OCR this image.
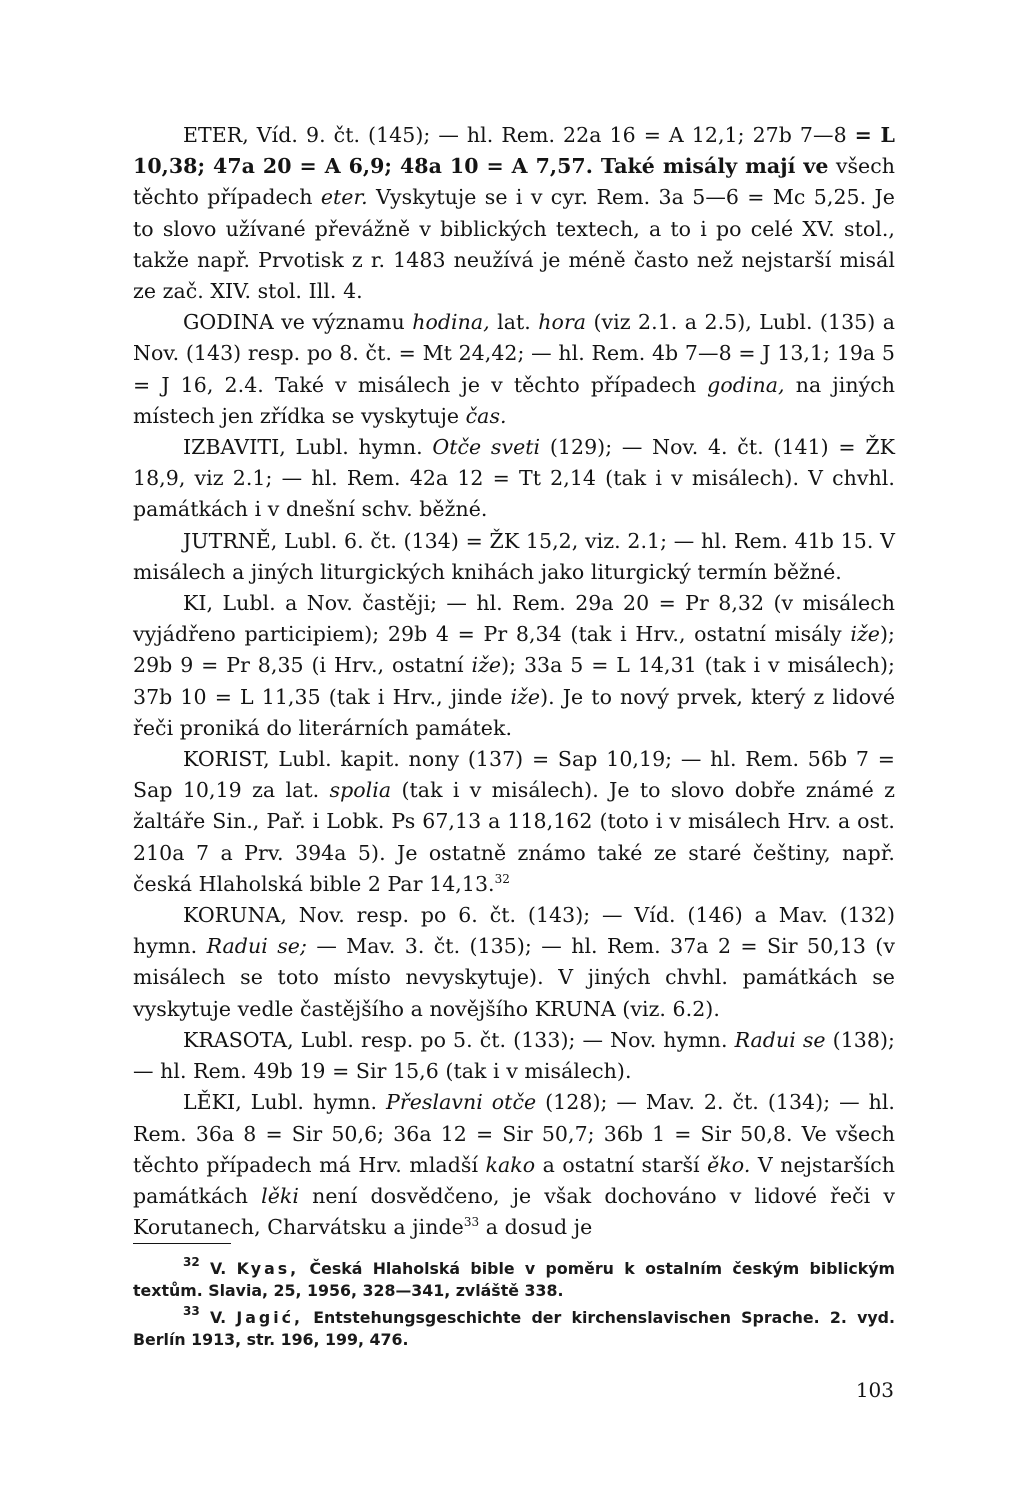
ETER, Víd. 9. čt. (145); — hl. Rem. 22a 16 = A 12,1; 27b 7—8 = L 10,38; 47a 20 = A 6,9; 48a 10 = A 7,57. Také misály mají ve všech těchto případech eter. Vyskytuje se i v cyr. Rem. 3a 5—6 = Mc 5,25. Je to slovo užívané převážně v biblických textech, a to i po celé XV. stol., takže např. Prvotisk z r. 1483 neužívá je méně často než nejstarší misál ze zač. XIV. stol. Ill. 4.

GODINA ve významu hodina, lat. hora (viz 2.1. a 2.5), Lubl. (135) a Nov. (143) resp. po 8. čt. = Mt 24,42; — hl. Rem. 4b 7—8 = J 13,1; 19a 5 = J 16, 2.4. Také v misálech je v těchto případech godina, na jiných místech jen zřídka se vyskytuje čas.

IZBAVITI, Lubl. hymn. Otče sveti (129); — Nov. 4. čt. (141) = ŽK 18,9, viz 2.1; — hl. Rem. 42a 12 = Tt 2,14 (tak i v misálech). V chvhl. památkách i v dnešní schv. běžné.

JUTRNĚ, Lubl. 6. čt. (134) = ŽK 15,2, viz. 2.1; — hl. Rem. 41b 15. V misálech a jiných liturgických knihách jako liturgický termín běžné.

KI, Lubl. a Nov. častěji; — hl. Rem. 29a 20 = Pr 8,32 (v misálech vyjádřeno participiem); 29b 4 = Pr 8,34 (tak i Hrv., ostatní misály iže); 29b 9 = Pr 8,35 (i Hrv., ostatní iže); 33a 5 = L 14,31 (tak i v misálech); 37b 10 = L 11,35 (tak i Hrv., jinde iže). Je to nový prvek, který z lidové řeči proniká do literárních památek.

KORIST, Lubl. kapit. nony (137) = Sap 10,19; — hl. Rem. 56b 7 = Sap 10,19 za lat. spolia (tak i v misálech). Je to slovo dobře známé z žaltáře Sin., Pař. i Lobk. Ps 67,13 a 118,162 (toto i v misálech Hrv. a ost. 210a 7 a Prv. 394a 5). Je ostatně známo také ze staré češtiny, např. česká Hlaholská bible 2 Par 14,13.32

KORUNA, Nov. resp. po 6. čt. (143); — Víd. (146) a Mav. (132) hymn. Radui se; — Mav. 3. čt. (135); — hl. Rem. 37a 2 = Sir 50,13 (v misálech se toto místo nevyskytuje). V jiných chvhl. památkách se vyskytuje vedle častějšího a novějšího KRUNA (viz. 6.2).

KRASOTA, Lubl. resp. po 5. čt. (133); — Nov. hymn. Radui se (138); — hl. Rem. 49b 19 = Sir 15,6 (tak i v misálech).

LĚKI, Lubl. hymn. Přeslavni otče (128); — Mav. 2. čt. (134); — hl. Rem. 36a 8 = Sir 50,6; 36a 12 = Sir 50,7; 36b 1 = Sir 50,8. Ve všech těchto případech má Hrv. mladší kako a ostatní starší ěko. V nejstarších památkách lěki není dosvědčeno, je však dochováno v lidové řeči v Korutanech, Charvátsku a jinde$^{33}$ a dosud je

$^{32}$ V. Kyas, Česká Hlaholská bible v poměru k ostalním českým biblickým textům. Slavia, 25, 1956, 328—341, zvláště 338.

$^{33}$ V. Jagić, Entstehungsgeschichte der kirchenslavischen Sprache. 2. vyd. Berlín 1913, str. 196, 199, 476.

103
